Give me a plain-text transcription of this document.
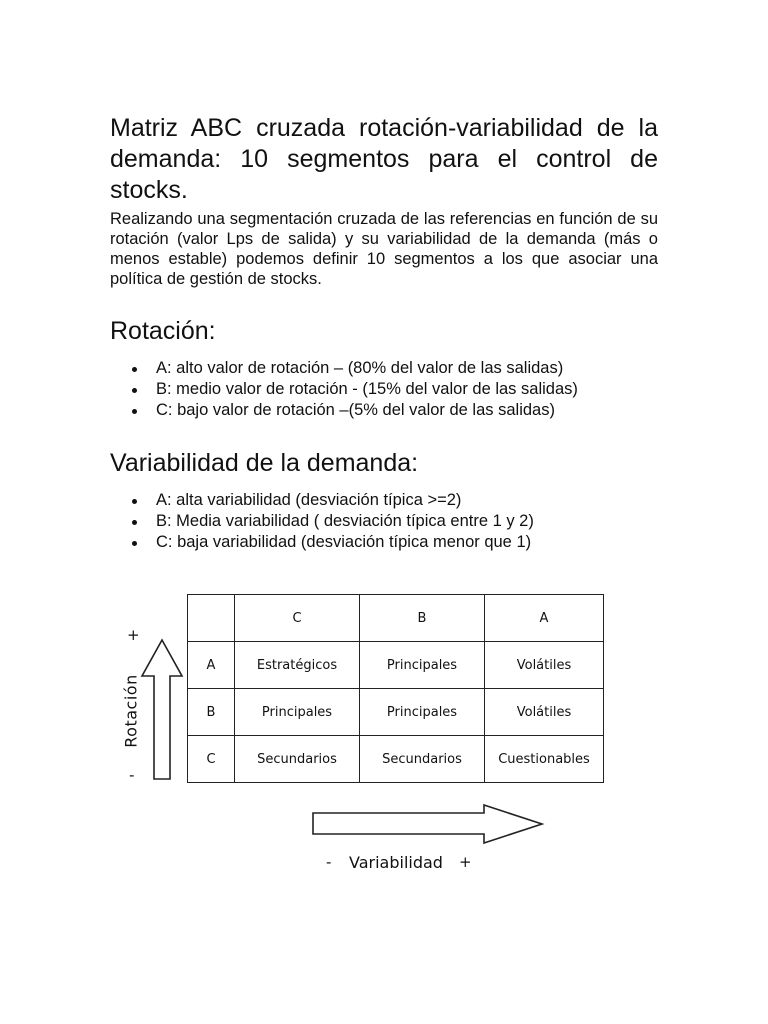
Matriz ABC cruzada rotación-variabilidad de la demanda: 10 segmentos para el control de stocks.

Realizando una segmentación cruzada de las referencias en función de su rotación (valor Lps de salida) y su variabilidad de la demanda (más o menos estable) podemos definir 10 segmentos a los que asociar una política de gestión de stocks.

Rotación:
A: alto valor de rotación – (80% del valor de las salidas)
B: medio valor de rotación - (15% del valor de las salidas)
C: bajo valor de rotación –(5% del valor de las salidas)
Variabilidad de la demanda:
A: alta variabilidad (desviación típica >=2)
B: Media variabilidad ( desviación típica entre 1 y 2)
C: baja variabilidad (desviación típica menor que 1)
	C	B	A
A	Estratégicos	Principales	Volátiles
B	Principales	Principales	Volátiles
C	Secundarios	Secundarios	Cuestionables
+
Rotación
-
- Variabilidad +
